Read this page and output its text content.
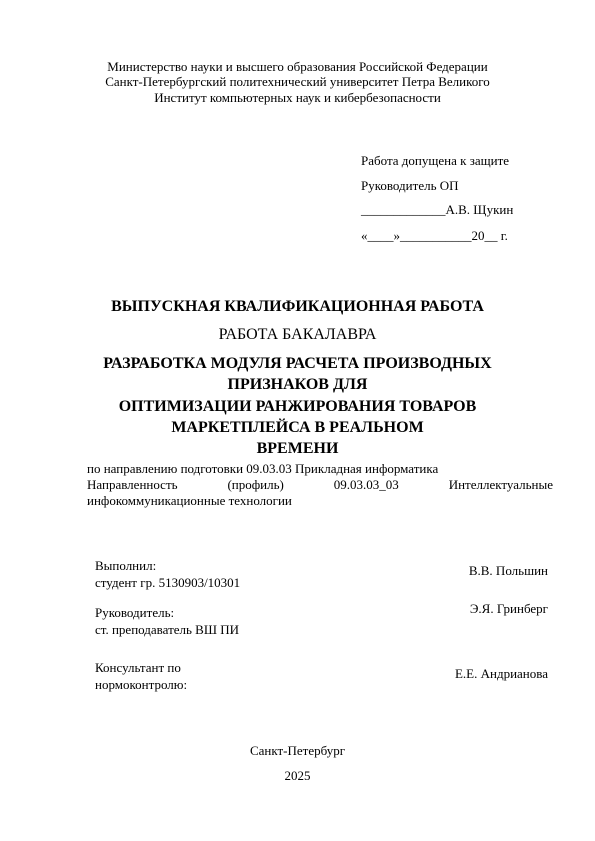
Министерство науки и высшего образования Российской Федерации
Санкт-Петербургский политехнический университет Петра Великого
Институт компьютерных наук и кибербезопасности
Работа допущена к защите
Руководитель ОП
_____________А.В. Щукин
«____»___________20__ г.
ВЫПУСКНАЯ КВАЛИФИКАЦИОННАЯ РАБОТА
РАБОТА БАКАЛАВРА
РАЗРАБОТКА МОДУЛЯ РАСЧЕТА ПРОИЗВОДНЫХ
ПРИЗНАКОВ ДЛЯ
ОПТИМИЗАЦИИ РАНЖИРОВАНИЯ ТОВАРОВ
МАРКЕТПЛЕЙСА В РЕАЛЬНОМ
ВРЕМЕНИ
по направлению подготовки 09.03.03 Прикладная информатика
Направленность	(профиль)	09.03.03_03	Интеллектуальные
инфокоммуникационные технологии
Выполнил:
студент гр. 5130903/10301
В.В. Польшин
Руководитель:
ст. преподаватель ВШ ПИ
Э.Я. Гринберг
Консультант по
нормоконтролю:
Е.Е. Андрианова
Санкт-Петербург
2025
